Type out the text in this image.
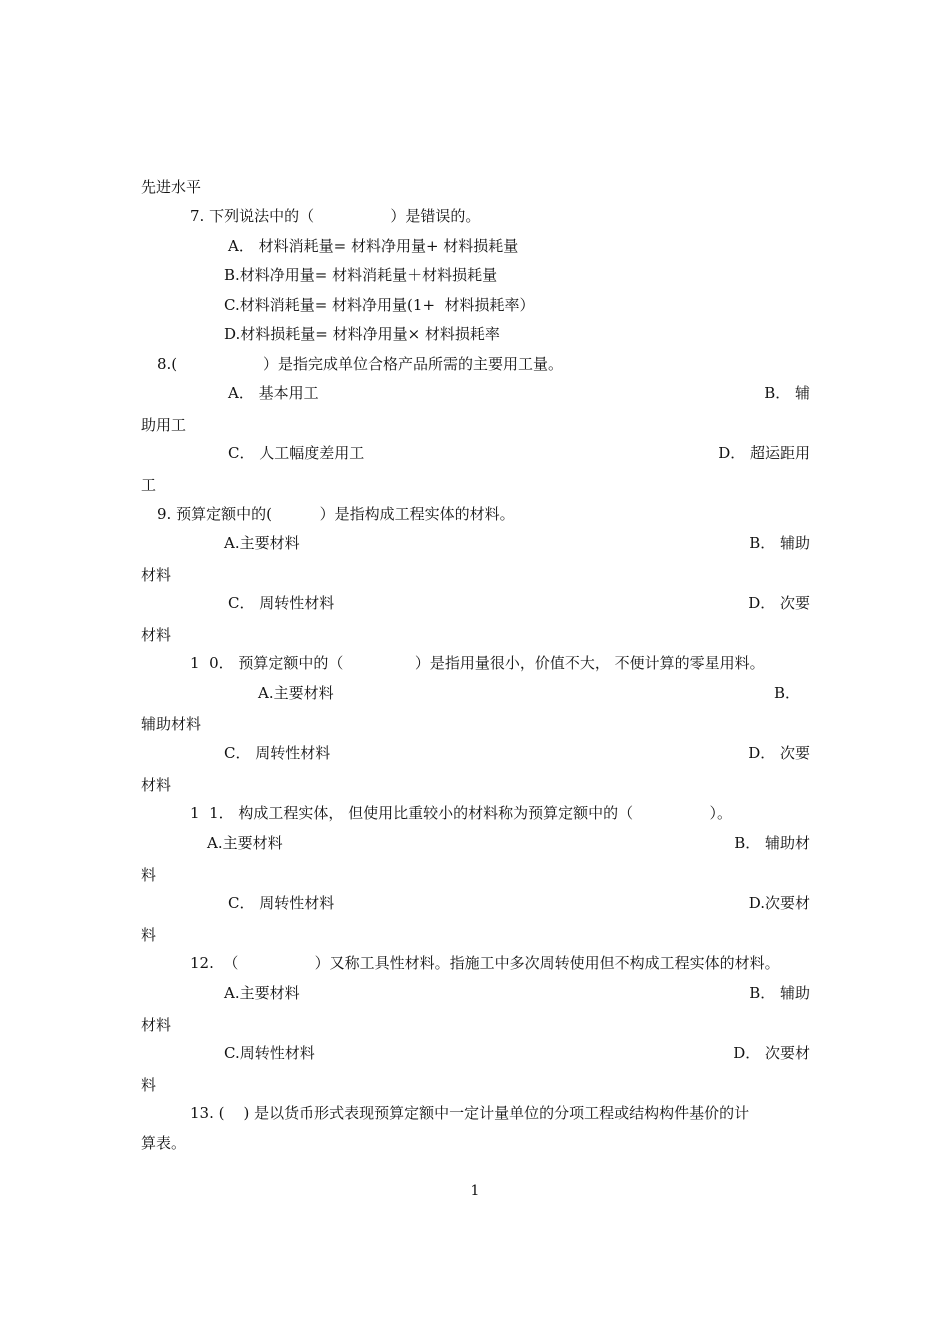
先进水平
7. 下列说法中的（                ）是错误的。
A． 材料消耗量= 材料净用量+ 材料损耗量
B.材料净用量= 材料消耗量＋材料损耗量
C.材料消耗量= 材料净用量(1+  材料损耗率）
D.材料损耗量= 材料净用量× 材料损耗率
8.(                  ）是指完成单位合格产品所需的主要用工量。
A． 基本用工	B． 辅
助用工
C． 人工幅度差用工	D． 超运距用
工
9. 预算定额中的(          ）是指构成工程实体的材料。
A.主要材料	B． 辅助
材料
C． 周转性材料	D． 次要
材料
1  0． 预算定额中的（               ）是指用量很小，价值不大， 不便计算的零星用料。
A.主要材料	B．
辅助材料
C． 周转性材料	D． 次要
材料
1  1． 构成工程实体， 但使用比重较小的材料称为预算定额中的（                ）。
A.主要材料	B． 辅助材
料
C． 周转性材料	D.次要材
料
12.  （                ）又称工具性材料。指施工中多次周转使用但不构成工程实体的材料。
A.主要材料	B． 辅助
材料
C.周转性材料	D． 次要材
料
13. (    ) 是以货币形式表现预算定额中一定计量单位的分项工程或结构构件基价的计
算表。
1
